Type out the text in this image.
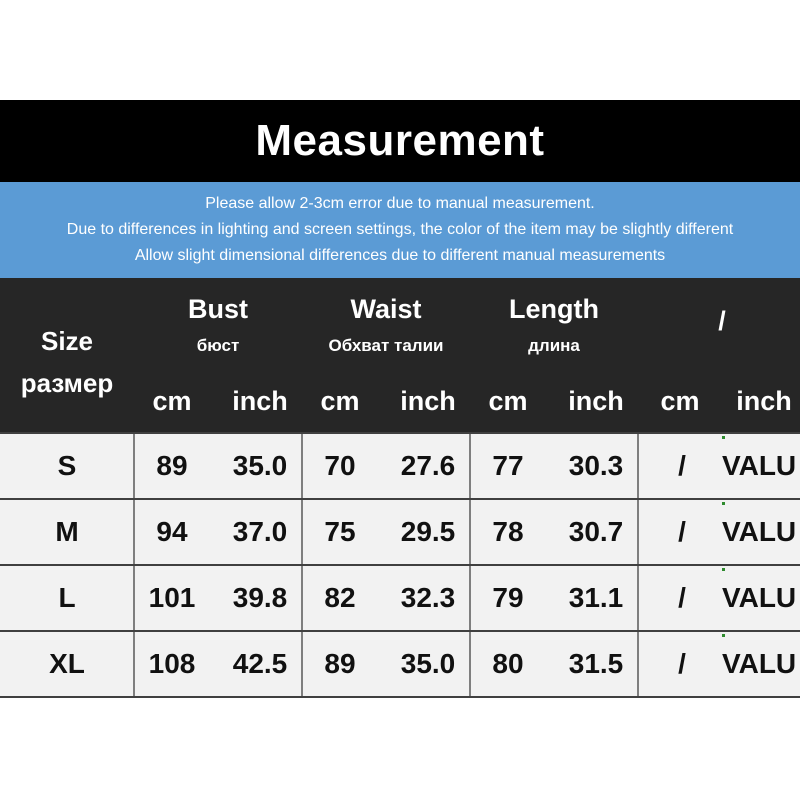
Measurement
Please allow 2-3cm error due to manual measurement.
Due to differences in lighting and screen settings, the color of the item may be slightly different
Allow slight dimensional differences due to different manual measurements
Size
размер
Bust
бюст
Waist
Обхват талии
Length
длина
/
cm	inch	cm	inch	cm	inch	cm	inch
S	89	35.0	70	27.6	77	30.3	/	VALU
M	94	37.0	75	29.5	78	30.7	/	VALU
L	101	39.8	82	32.3	79	31.1	/	VALU
XL	108	42.5	89	35.0	80	31.5	/	VALU
